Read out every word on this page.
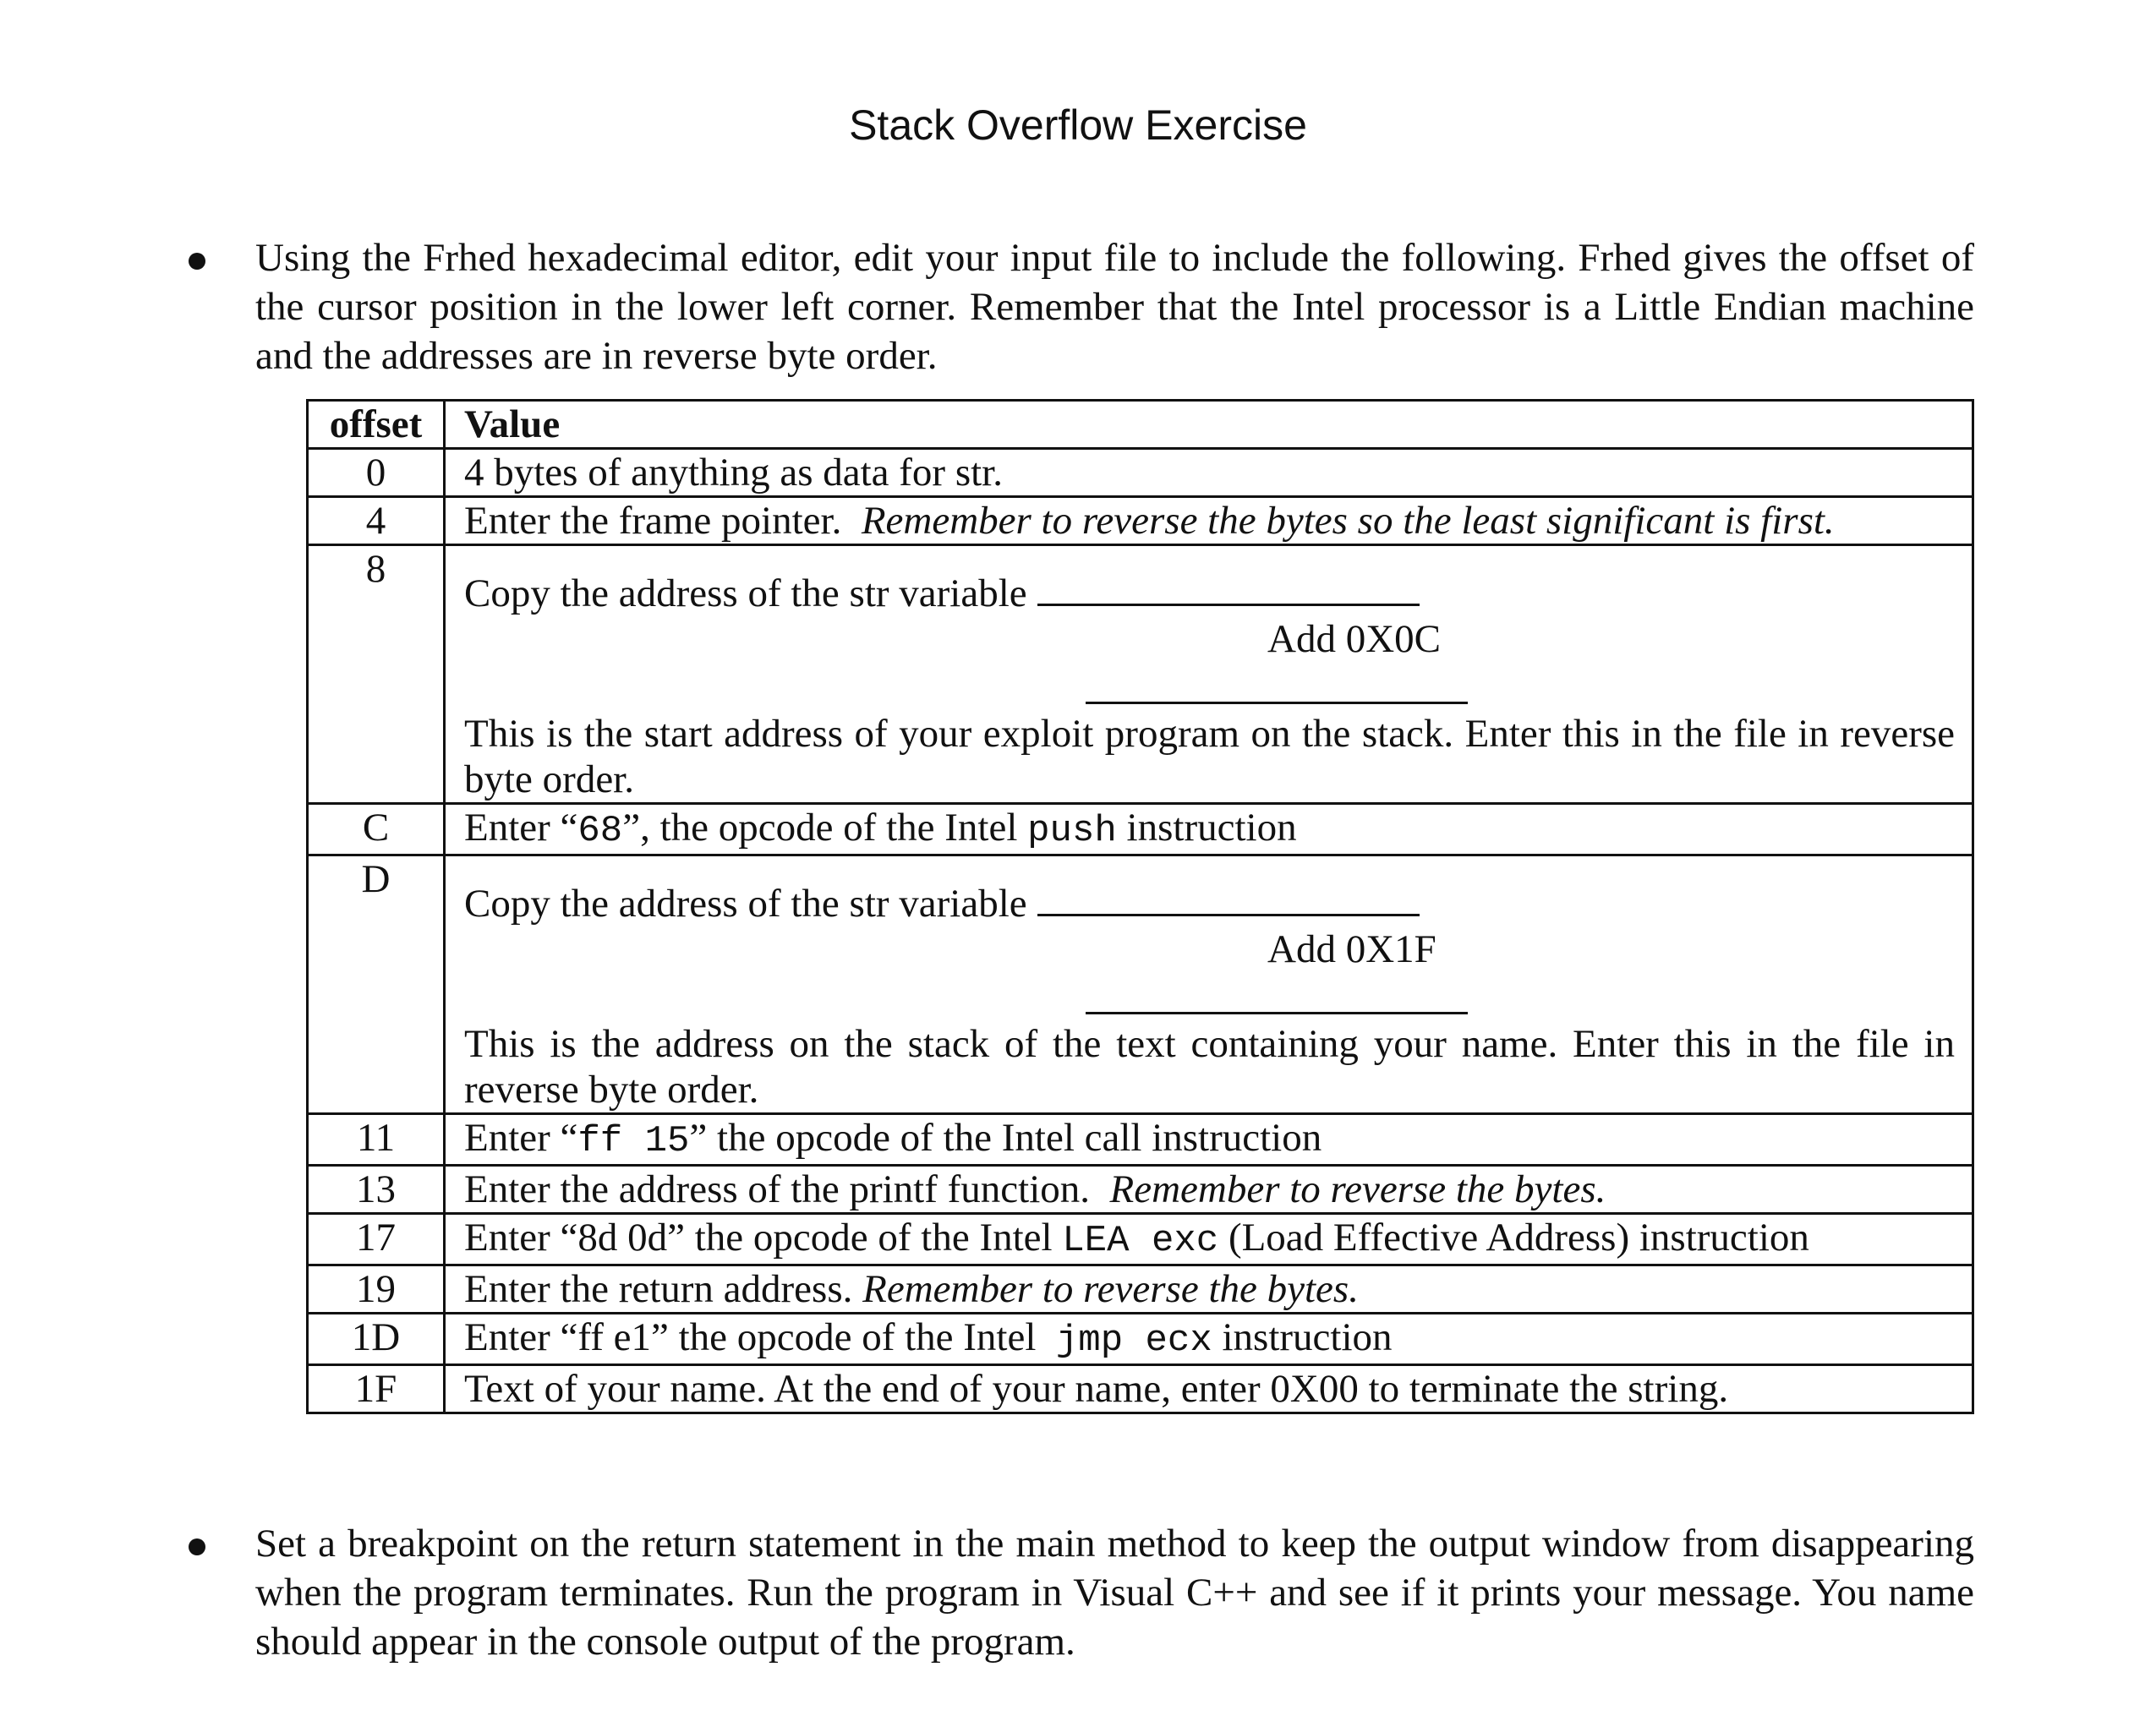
Stack Overflow Exercise
Using the Frhed hexadecimal editor, edit your input file to include the following. Frhed gives the offset of the cursor position in the lower left corner. Remember that the Intel processor is a Little Endian machine and the addresses are in reverse byte order.
offset	Value
0	4 bytes of anything as data for str.
4	Enter the frame pointer. Remember to reverse the bytes so the least significant is first.
8	Copy the address of the str variable
Add 0X0C
This is the start address of your exploit program on the stack. Enter this in the file in reverse byte order.

C	Enter “68”, the opcode of the Intel push instruction
D	Copy the address of the str variable
Add 0X1F
This is the address on the stack of the text containing your name. Enter this in the file in reverse byte order.

11	Enter “ff 15” the opcode of the Intel call instruction
13	Enter the address of the printf function. Remember to reverse the bytes.
17	Enter “8d 0d” the opcode of the Intel LEA exc (Load Effective Address) instruction
19	Enter the return address. Remember to reverse the bytes.
1D	Enter “ff e1” the opcode of the Intel  jmp ecx instruction
1F	Text of your name. At the end of your name, enter 0X00 to terminate the string.
Set a breakpoint on the return statement in the main method to keep the output window from disappearing when the program terminates. Run the program in Visual C++ and see if it prints your message. You name should appear in the console output of the program.
